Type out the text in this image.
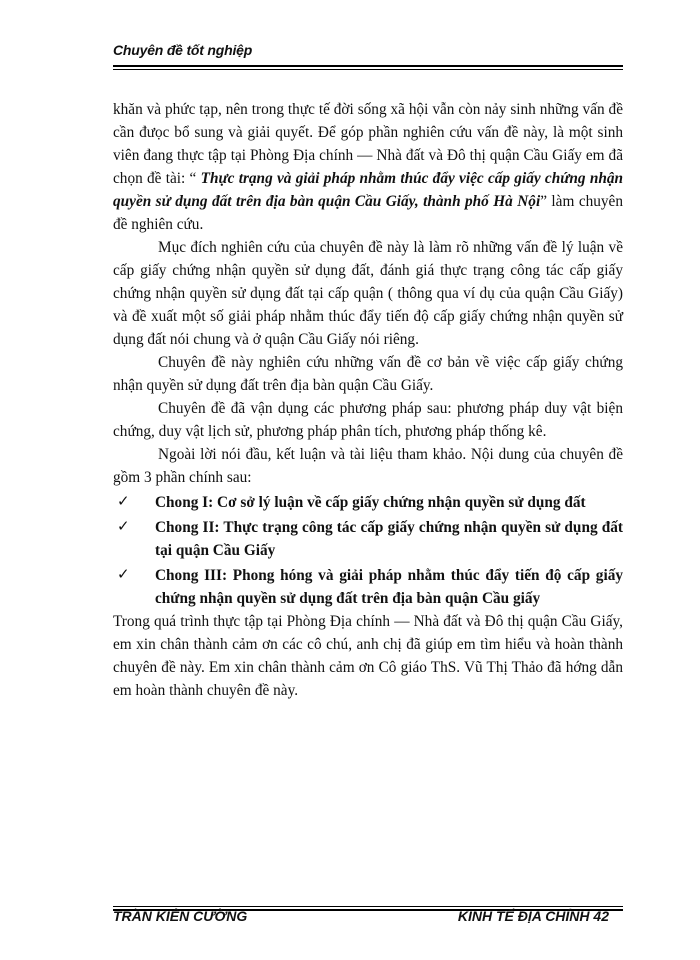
Chuyên đề tốt nghiệp

khăn và phức tạp, nên trong thực tế đời sống xã hội vẫn còn nảy sinh những vấn đề cần đưọc bổ sung và giải quyết. Để góp phần nghiên cứu vấn đề này, là một sinh viên đang thực tập tại Phòng Địa chính — Nhà đất và Đô thị quận Cầu Giấy em đã chọn đề tài: “ Thực trạng và giải pháp nhằm thúc đẩy việc cấp giấy chứng nhận quyền sử dụng đất trên địa bàn quận Cầu Giấy, thành phố Hà Nội” làm chuyên đề nghiên cứu.

Mục đích nghiên cứu của chuyên đề này là làm rõ những vấn đề lý luận về cấp giấy chứng nhận quyền sử dụng đất, đánh giá thực trạng công tác cấp giấy chứng nhận quyền sử dụng đất tại cấp quận ( thông qua ví dụ của quận Cầu Giấy) và đề xuất một số giải pháp nhằm thúc đẩy tiến độ cấp giấy chứng nhận quyền sử dụng đất nói chung và ở quận Cầu Giấy nói riêng.

Chuyên đề này nghiên cứu những vấn đề cơ bản về việc cấp giấy chứng nhận quyền sử dụng đất trên địa bàn quận Cầu Giấy.

Chuyên đề đã vận dụng các phương pháp sau: phương pháp duy vật biện chứng, duy vật lịch sử, phương pháp phân tích, phương pháp thống kê.

Ngoài lời nói đầu, kết luận và tài liệu tham khảo. Nội dung của chuyên đề gồm 3 phần chính sau:

✓ Chong I: Cơ sở lý luận về cấp giấy chứng nhận quyền sử dụng đất
✓ Chong II: Thực trạng công tác cấp giấy chứng nhận quyền sử dụng đất tại quận Cầu Giấy
✓ Chong III: Phong hóng và giải pháp nhằm thúc đẩy tiến độ cấp giấy chứng nhận quyền sử dụng đất trên địa bàn quận Cầu giấy

Trong quá trình thực tập tại Phòng Địa chính — Nhà đất và Đô thị quận Cầu Giấy, em xin chân thành cảm ơn các cô chú, anh chị đã giúp em tìm hiểu và hoàn thành chuyên đề này. Em xin chân thành cảm ơn Cô giáo ThS. Vũ Thị Thảo đã hớng dẫn em hoàn thành chuyên đề này.

TRẦN KIÊN CƯỜNG	KINH TẾ ĐỊA CHÍNH 42
